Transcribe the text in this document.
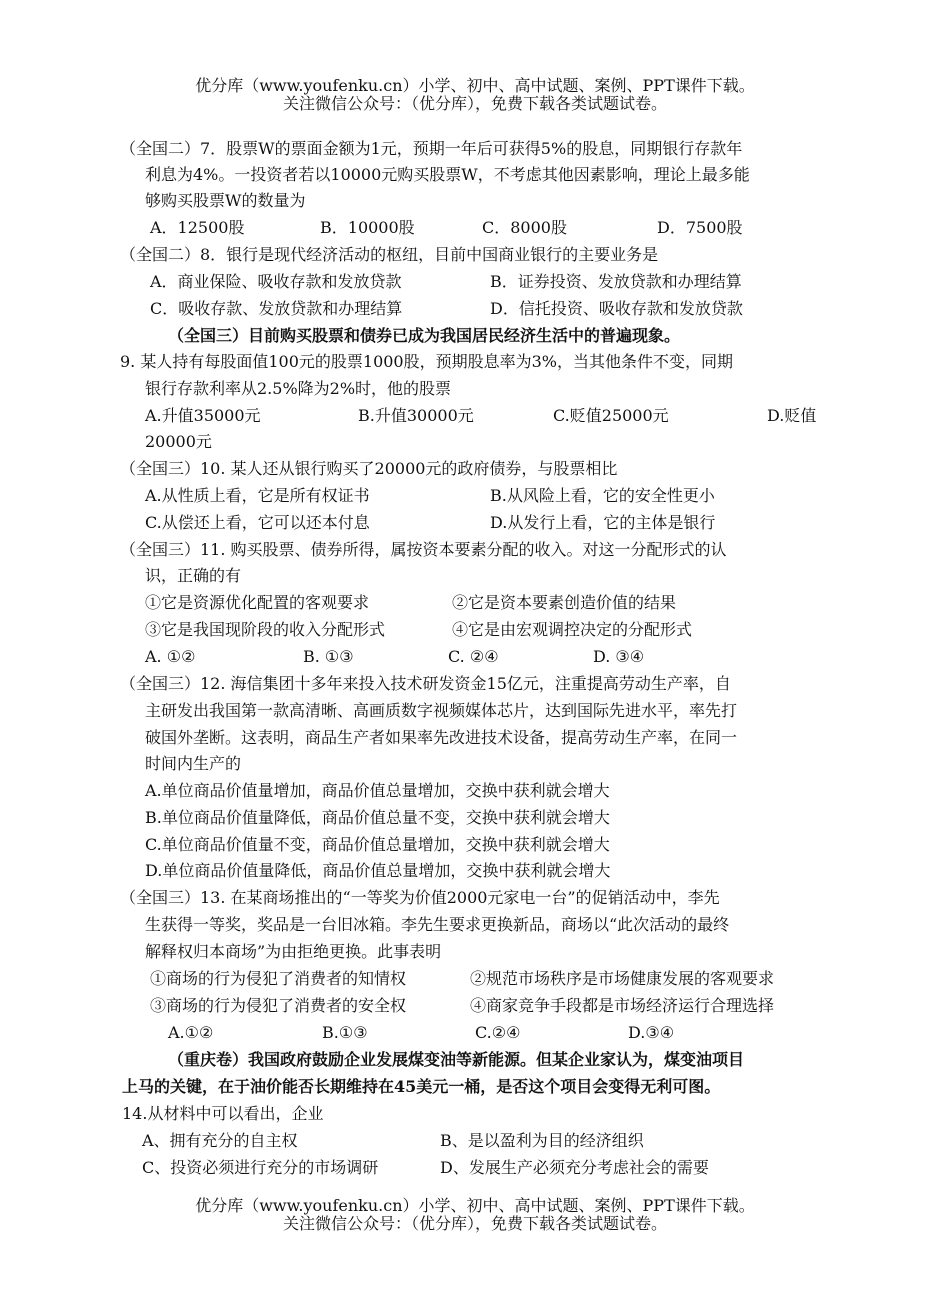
优分库（www.youfenku.cn）小学、初中、高中试题、案例、PPT课件下载。
关注微信公众号：（优分库），免费下载各类试题试卷。
（全国二）7．股票W的票面金额为1元，预期一年后可获得5%的股息，同期银行存款年
利息为4%。一投资者若以10000元购买股票W，不考虑其他因素影响，理论上最多能
够购买股票W的数量为
A．12500股	B．10000股	C．8000股	D．7500股
（全国二）8．银行是现代经济活动的枢纽，目前中国商业银行的主要业务是
A．商业保险、吸收存款和发放贷款	B．证券投资、发放贷款和办理结算
C．吸收存款、发放贷款和办理结算	D．信托投资、吸收存款和发放贷款
（全国三）目前购买股票和债券已成为我国居民经济生活中的普遍现象。
9. 某人持有每股面值100元的股票1000股，预期股息率为3%，当其他条件不变，同期
银行存款利率从2.5%降为2%时，他的股票
A.升值35000元	B.升值30000元	C.贬值25000元	D.贬值
20000元
（全国三）10. 某人还从银行购买了20000元的政府债券，与股票相比
A.从性质上看，它是所有权证书	B.从风险上看，它的安全性更小
C.从偿还上看，它可以还本付息	D.从发行上看，它的主体是银行
（全国三）11. 购买股票、债券所得，属按资本要素分配的收入。对这一分配形式的认
识，正确的有
①它是资源优化配置的客观要求	②它是资本要素创造价值的结果
③它是我国现阶段的收入分配形式	④它是由宏观调控决定的分配形式
A. ①②	B. ①③	C. ②④	D. ③④
（全国三）12. 海信集团十多年来投入技术研发资金15亿元，注重提高劳动生产率，自
主研发出我国第一款高清晰、高画质数字视频媒体芯片，达到国际先进水平，率先打
破国外垄断。这表明，商品生产者如果率先改进技术设备，提高劳动生产率，在同一
时间内生产的
A.单位商品价值量增加，商品价值总量增加，交换中获利就会增大
B.单位商品价值量降低，商品价值总量不变，交换中获利就会增大
C.单位商品价值量不变，商品价值总量增加，交换中获利就会增大
D.单位商品价值量降低，商品价值总量增加，交换中获利就会增大
（全国三）13. 在某商场推出的“一等奖为价值2000元家电一台”的促销活动中，李先
生获得一等奖，奖品是一台旧冰箱。李先生要求更换新品，商场以“此次活动的最终
解释权归本商场”为由拒绝更换。此事表明
①商场的行为侵犯了消费者的知情权	②规范市场秩序是市场健康发展的客观要求
③商场的行为侵犯了消费者的安全权	④商家竞争手段都是市场经济运行合理选择
A.①②	B.①③	C.②④	D.③④
（重庆卷）我国政府鼓励企业发展煤变油等新能源。但某企业家认为，煤变油项目
上马的关键，在于油价能否长期维持在45美元一桶，是否这个项目会变得无利可图。
14.从材料中可以看出，企业
A、拥有充分的自主权	B、是以盈利为目的经济组织
C、投资必须进行充分的市场调研	D、发展生产必须充分考虑社会的需要
优分库（www.youfenku.cn）小学、初中、高中试题、案例、PPT课件下载。
关注微信公众号：（优分库），免费下载各类试题试卷。
